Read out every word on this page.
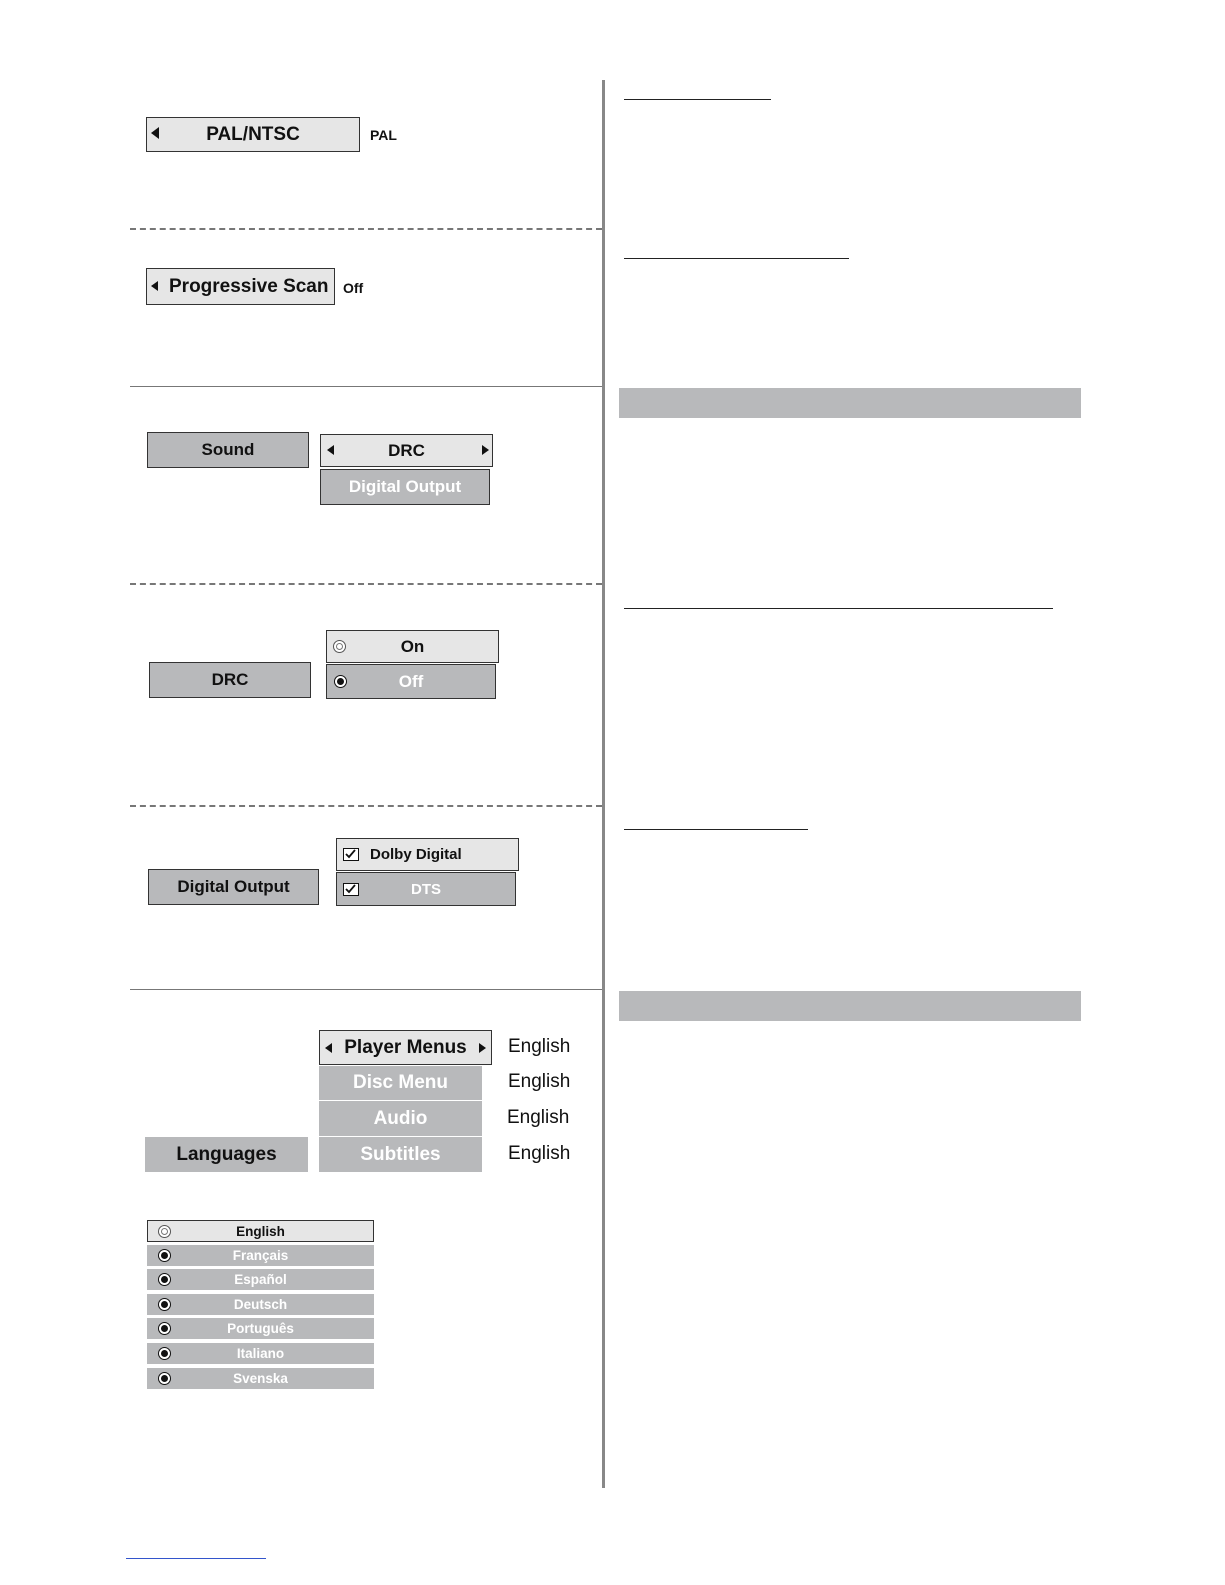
PAL/NTSC	PAL
Progressive Scan Off
Sound	DRC
Digital Output
DRC
On
Off
Digital Output
Dolby Digital
DTS
Languages
Player Menus
Disc Menu
Audio
Subtitles
English
English
English
English
English
Français
Español
Deutsch
Português
Italiano
Svenska
